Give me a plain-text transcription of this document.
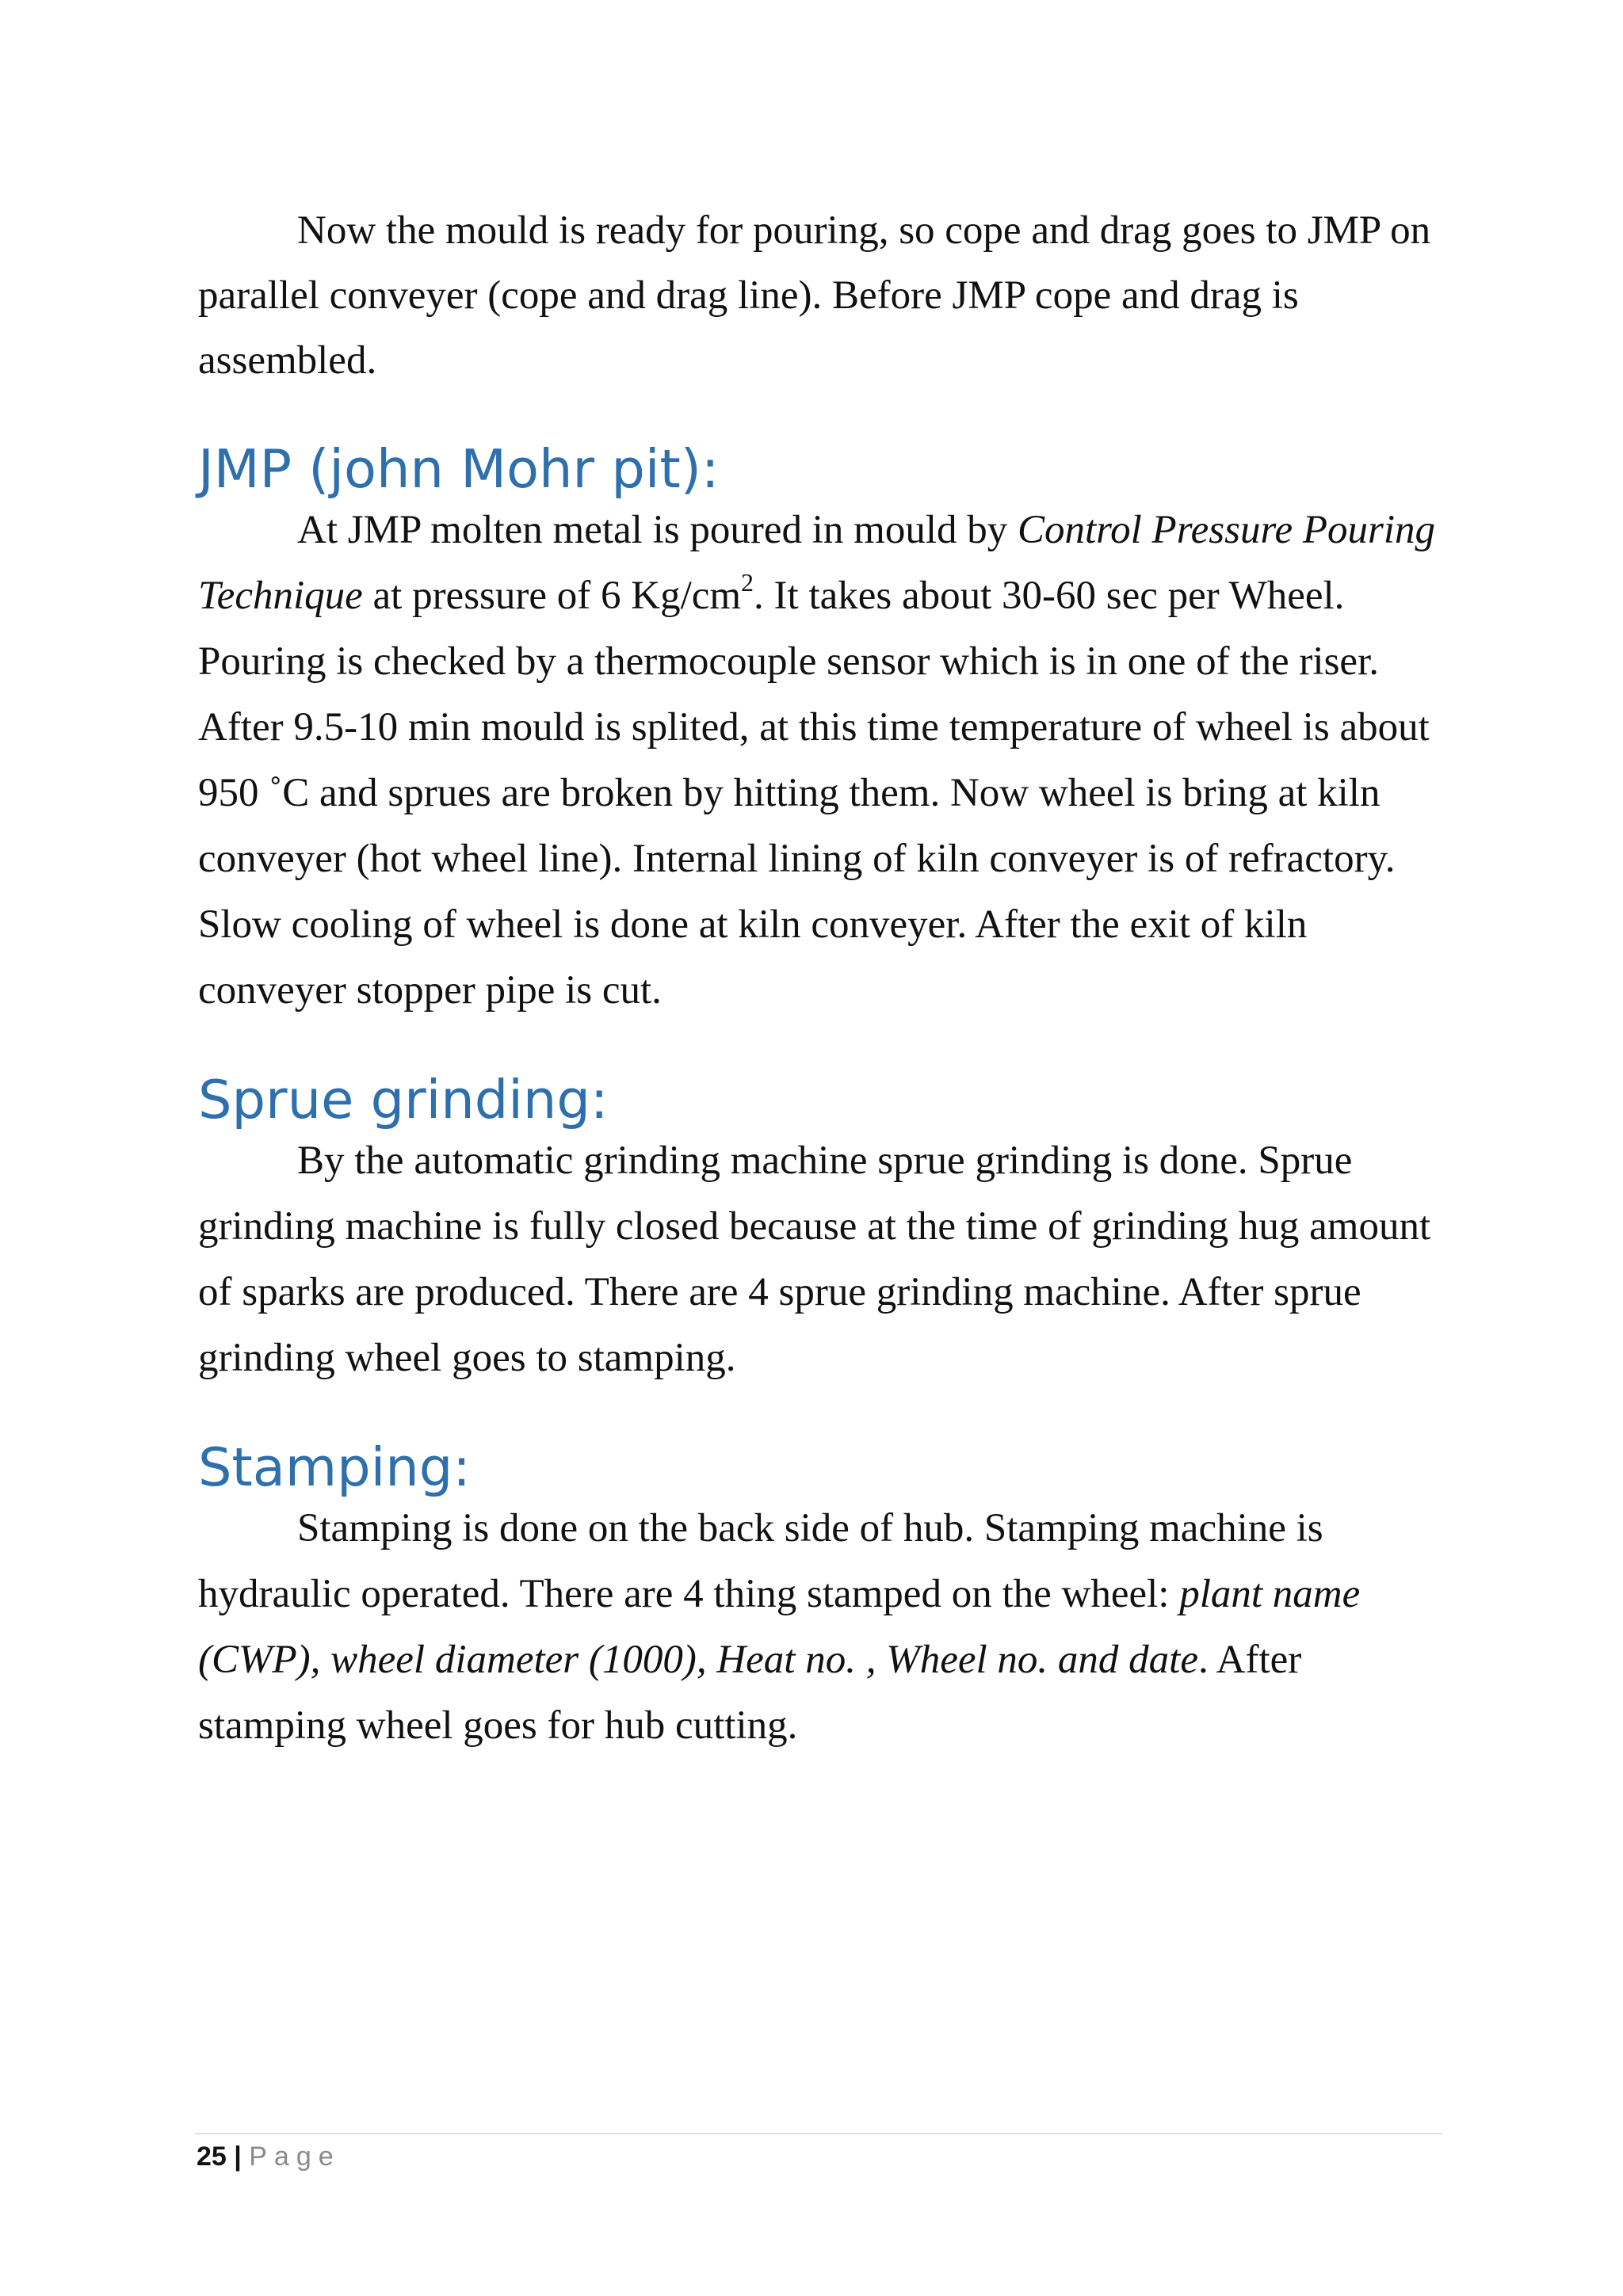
Now the mould is ready for pouring, so cope and drag goes to JMP on parallel conveyer (cope and drag line). Before JMP cope and drag is assembled.

JMP (john Mohr pit):

At JMP molten metal is poured in mould by Control Pressure Pouring Technique at pressure of 6 $Kg/cm^2$. It takes about 30-60 sec per Wheel. Pouring is checked by a thermocouple sensor which is in one of the riser. After 9.5-10 min mould is splited, at this time temperature of wheel is about 950 ˚C and sprues are broken by hitting them. Now wheel is bring at kiln conveyer (hot wheel line). Internal lining of kiln conveyer is of refractory. Slow cooling of wheel is done at kiln conveyer. After the exit of kiln conveyer stopper pipe is cut.

Sprue grinding:

By the automatic grinding machine sprue grinding is done. Sprue grinding machine is fully closed because at the time of grinding hug amount of sparks are produced. There are 4 sprue grinding machine. After sprue grinding wheel goes to stamping.

Stamping:

Stamping is done on the back side of hub. Stamping machine is hydraulic operated. There are 4 thing stamped on the wheel: plant name (CWP), wheel diameter (1000), Heat no. , Wheel no. and date. After stamping wheel goes for hub cutting.

25 | Page
